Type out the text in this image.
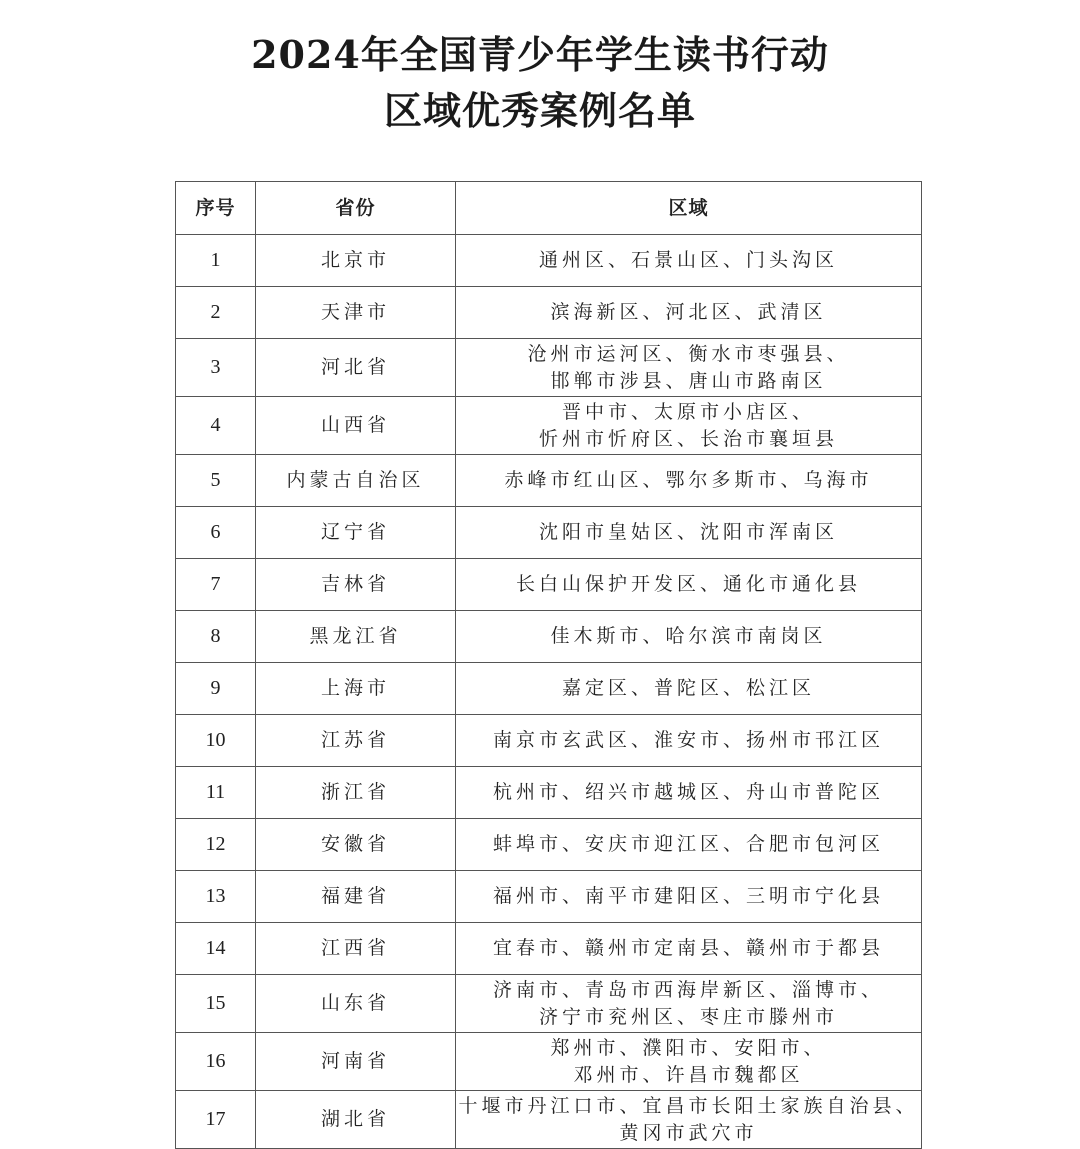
2024年全国青少年学生读书行动
区域优秀案例名单
序号	省份	区域
1	北京市	通州区、石景山区、门头沟区

2	天津市	滨海新区、河北区、武清区

3	河北省	沧州市运河区、衡水市枣强县、
邯郸市涉县、唐山市路南区

4	山西省	晋中市、太原市小店区、
忻州市忻府区、长治市襄垣县

5	内蒙古自治区	赤峰市红山区、鄂尔多斯市、乌海市

6	辽宁省	沈阳市皇姑区、沈阳市浑南区

7	吉林省	长白山保护开发区、通化市通化县

8	黑龙江省	佳木斯市、哈尔滨市南岗区

9	上海市	嘉定区、普陀区、松江区

10	江苏省	南京市玄武区、淮安市、扬州市邗江区

11	浙江省	杭州市、绍兴市越城区、舟山市普陀区

12	安徽省	蚌埠市、安庆市迎江区、合肥市包河区

13	福建省	福州市、南平市建阳区、三明市宁化县

14	江西省	宜春市、赣州市定南县、赣州市于都县

15	山东省	济南市、青岛市西海岸新区、淄博市、
济宁市兖州区、枣庄市滕州市

16	河南省	郑州市、濮阳市、安阳市、
邓州市、许昌市魏都区

17	湖北省	十堰市丹江口市、宜昌市长阳土家族自治县、
黄冈市武穴市
